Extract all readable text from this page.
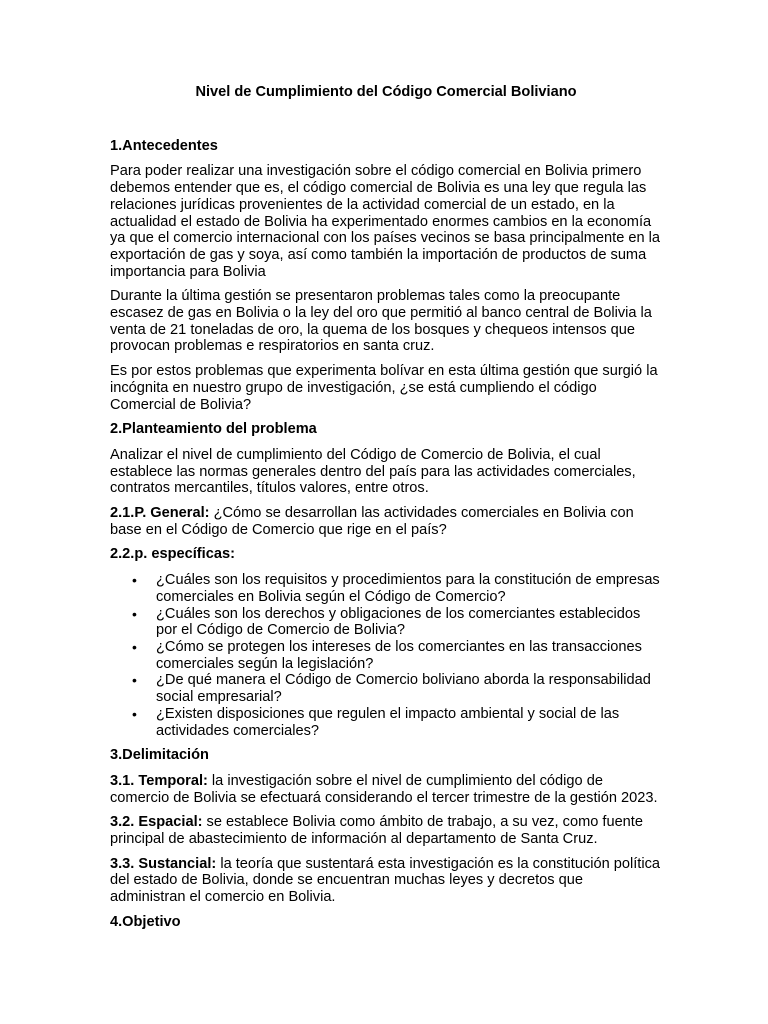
Nivel de Cumplimiento del Código Comercial Boliviano
1.Antecedentes

Para poder realizar una investigación sobre el código comercial en Bolivia primero debemos entender que es, el código comercial de Bolivia es una ley que regula las relaciones jurídicas provenientes de la actividad comercial de un estado, en la actualidad el estado de Bolivia ha experimentado enormes cambios en la economía ya que el comercio internacional con los países vecinos se basa principalmente en la exportación de gas y soya, así como también la importación de productos de suma importancia para Bolivia

Durante la última gestión se presentaron problemas tales como la preocupante escasez de gas en Bolivia o la ley del oro que permitió al banco central de Bolivia la venta de 21 toneladas de oro, la quema de los bosques y chequeos intensos que provocan problemas e respiratorios en santa cruz.

Es por estos problemas que experimenta bolívar en esta última gestión que surgió la incógnita en nuestro grupo de investigación, ¿se está cumpliendo el código Comercial de Bolivia?

2.Planteamiento del problema

Analizar el nivel de cumplimiento del Código de Comercio de Bolivia, el cual establece las normas generales dentro del país para las actividades comerciales, contratos mercantiles, títulos valores, entre otros.

2.1.P. General: ¿Cómo se desarrollan las actividades comerciales en Bolivia con base en el Código de Comercio que rige en el país?

2.2.p. específicas:
• ¿Cuáles son los requisitos y procedimientos para la constitución de empresas comerciales en Bolivia según el Código de Comercio?
• ¿Cuáles son los derechos y obligaciones de los comerciantes establecidos por el Código de Comercio de Bolivia?
• ¿Cómo se protegen los intereses de los comerciantes en las transacciones comerciales según la legislación?
• ¿De qué manera el Código de Comercio boliviano aborda la responsabilidad social empresarial?
• ¿Existen disposiciones que regulen el impacto ambiental y social de las actividades comerciales?
3.Delimitación

3.1. Temporal: la investigación sobre el nivel de cumplimiento del código de comercio de Bolivia se efectuará considerando el tercer trimestre de la gestión 2023.

3.2. Espacial: se establece Bolivia como ámbito de trabajo, a su vez, como fuente principal de abastecimiento de información al departamento de Santa Cruz.

3.3. Sustancial: la teoría que sustentará esta investigación es la constitución política del estado de Bolivia, donde se encuentran muchas leyes y decretos que administran el comercio en Bolivia.

4.Objetivo
